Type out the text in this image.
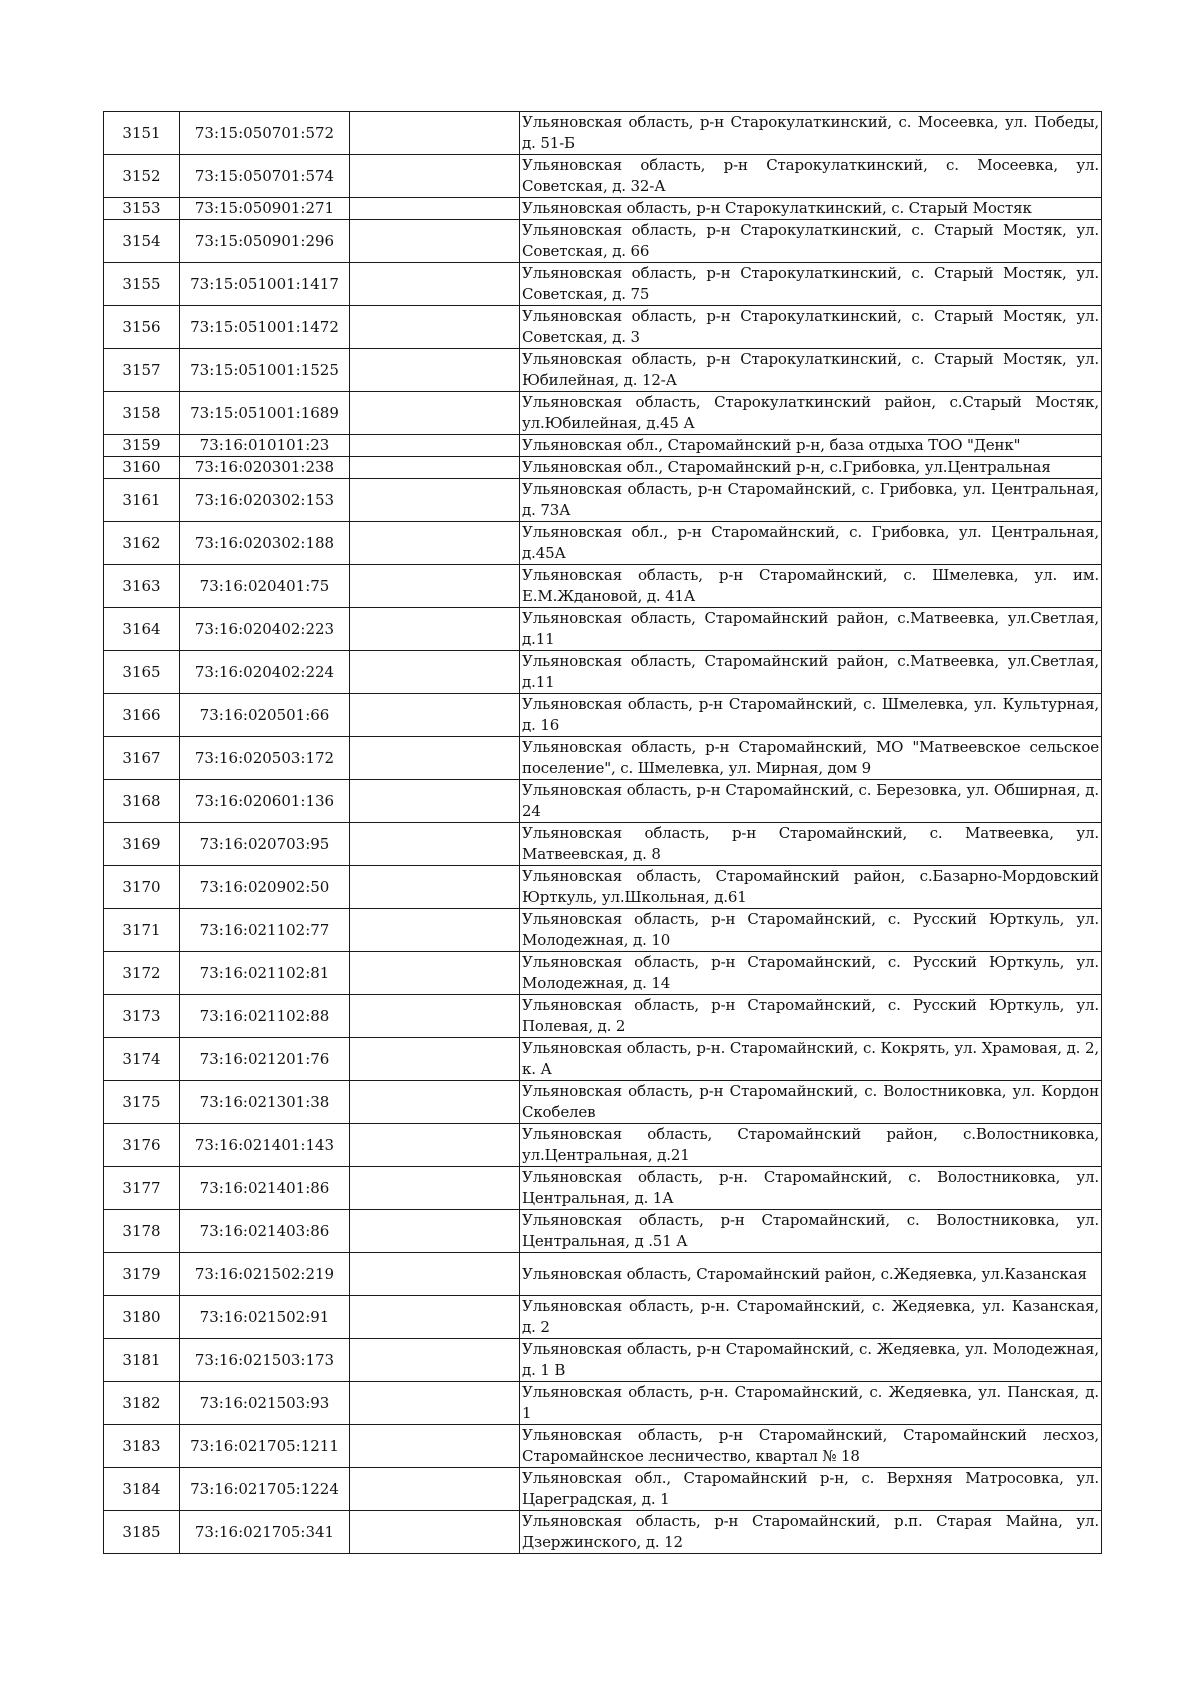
3151	73:15:050701:572		Ульяновская область, р-н Старокулаткинский, с. Мосеевка, ул. Победы, д. 51-Б
3152	73:15:050701:574		Ульяновская область, р-н Старокулаткинский, с. Мосеевка, ул. Советская, д. 32-А
3153	73:15:050901:271		Ульяновская область, р-н Старокулаткинский, с. Старый Мостяк
3154	73:15:050901:296		Ульяновская область, р-н Старокулаткинский, с. Старый Мостяк, ул. Советская, д. 66
3155	73:15:051001:1417		Ульяновская область, р-н Старокулаткинский, с. Старый Мостяк, ул. Советская, д. 75
3156	73:15:051001:1472		Ульяновская область, р-н Старокулаткинский, с. Старый Мостяк, ул. Советская, д. 3
3157	73:15:051001:1525		Ульяновская область, р-н Старокулаткинский, с. Старый Мостяк, ул. Юбилейная, д. 12-А
3158	73:15:051001:1689		Ульяновская область, Старокулаткинский район, с.Старый Мостяк, ул.Юбилейная, д.45 А
3159	73:16:010101:23		Ульяновская обл., Старомайнский р-н, база отдыха ТОО "Денк"
3160	73:16:020301:238		Ульяновская обл., Старомайнский р-н, с.Грибовка, ул.Центральная
3161	73:16:020302:153		Ульяновская область, р-н Старомайнский, с. Грибовка, ул. Центральная, д. 73А
3162	73:16:020302:188		Ульяновская обл., р-н Старомайнский, с. Грибовка, ул. Центральная, д.45А
3163	73:16:020401:75		Ульяновская область, р-н Старомайнский, с. Шмелевка, ул. им. Е.М.Ждановой, д. 41А
3164	73:16:020402:223		Ульяновская область, Старомайнский район, с.Матвеевка, ул.Светлая, д.11
3165	73:16:020402:224		Ульяновская область, Старомайнский район, с.Матвеевка, ул.Светлая, д.11
3166	73:16:020501:66		Ульяновская область, р-н Старомайнский, с. Шмелевка, ул. Культурная, д. 16
3167	73:16:020503:172		Ульяновская область, р-н Старомайнский, МО "Матвеевское сельское поселение", с. Шмелевка, ул. Мирная, дом 9
3168	73:16:020601:136		Ульяновская область, р-н Старомайнский, с. Березовка, ул. Обширная, д. 24
3169	73:16:020703:95		Ульяновская область, р-н Старомайнский, с. Матвеевка, ул. Матвеевская, д. 8
3170	73:16:020902:50		Ульяновская область, Старомайнский район, с.Базарно-Мордовский Юрткуль, ул.Школьная, д.61
3171	73:16:021102:77		Ульяновская область, р-н Старомайнский, с. Русский Юрткуль, ул. Молодежная, д. 10
3172	73:16:021102:81		Ульяновская область, р-н Старомайнский, с. Русский Юрткуль, ул. Молодежная, д. 14
3173	73:16:021102:88		Ульяновская область, р-н Старомайнский, с. Русский Юрткуль, ул. Полевая, д. 2
3174	73:16:021201:76		Ульяновская область, р-н. Старомайнский, с. Кокрять, ул. Храмовая, д. 2, к. А
3175	73:16:021301:38		Ульяновская область, р-н Старомайнский, с. Волостниковка, ул. Кордон Скобелев
3176	73:16:021401:143		Ульяновская область, Старомайнский район, с.Волостниковка, ул.Центральная, д.21
3177	73:16:021401:86		Ульяновская область, р-н. Старомайнский, с. Волостниковка, ул. Центральная, д. 1А
3178	73:16:021403:86		Ульяновская область, р-н Старомайнский, с. Волостниковка, ул. Центральная, д .51 А
3179	73:16:021502:219		Ульяновская область, Старомайнский район, с.Жедяевка, ул.Казанская
3180	73:16:021502:91		Ульяновская область, р-н. Старомайнский, с. Жедяевка, ул. Казанская, д. 2
3181	73:16:021503:173		Ульяновская область, р-н Старомайнский, с. Жедяевка, ул. Молодежная, д. 1 В
3182	73:16:021503:93		Ульяновская область, р-н. Старомайнский, с. Жедяевка, ул. Панская, д. 1
3183	73:16:021705:1211		Ульяновская область, р-н Старомайнский, Старомайнский лесхоз, Старомайнское лесничество, квартал № 18
3184	73:16:021705:1224		Ульяновская обл., Старомайнский р-н, с. Верхняя Матросовка, ул. Цареградская, д. 1
3185	73:16:021705:341		Ульяновская область, р-н Старомайнский, р.п. Старая Майна, ул. Дзержинского, д. 12
